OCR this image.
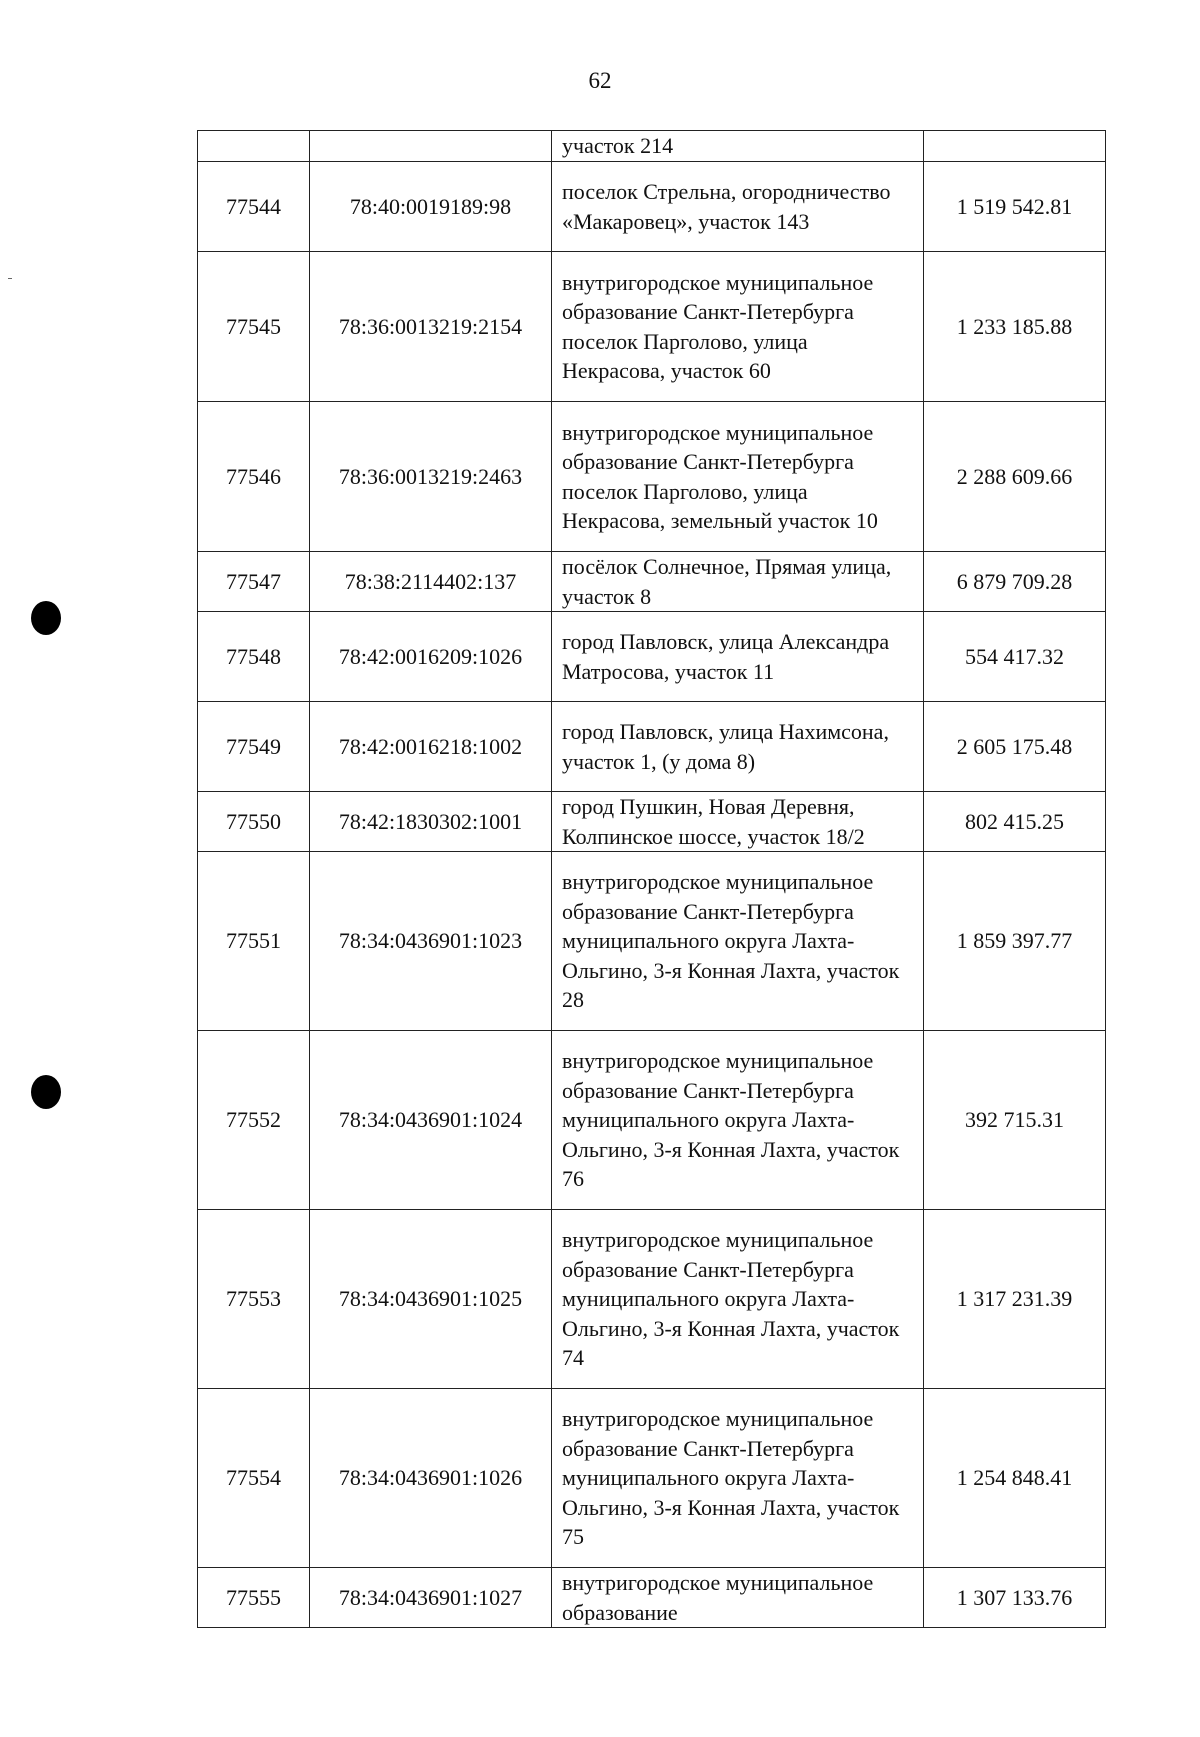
62
		участок 214	
77544	78:40:0019189:98	поселок Стрельна, огородничество «Макаровец», участок 143	1 519 542.81
77545	78:36:0013219:2154	внутригородское муниципальное образование Санкт-Петербурга поселок Парголово, улица Некрасова, участок 60	1 233 185.88
77546	78:36:0013219:2463	внутригородское муниципальное образование Санкт-Петербурга поселок Парголово, улица Некрасова, земельный участок 10	2 288 609.66
77547	78:38:2114402:137	посёлок Солнечное, Прямая улица, участок 8	6 879 709.28
77548	78:42:0016209:1026	город Павловск, улица Александра Матросова, участок 11	554 417.32
77549	78:42:0016218:1002	город Павловск, улица Нахимсона, участок 1, (у дома 8)	2 605 175.48
77550	78:42:1830302:1001	город Пушкин, Новая Деревня, Колпинское шоссе, участок 18/2	802 415.25
77551	78:34:0436901:1023	внутригородское муниципальное образование Санкт-Петербурга муниципального округа Лахта-Ольгино, 3-я Конная Лахта, участок 28	1 859 397.77
77552	78:34:0436901:1024	внутригородское муниципальное образование Санкт-Петербурга муниципального округа Лахта-Ольгино, 3-я Конная Лахта, участок 76	392 715.31
77553	78:34:0436901:1025	внутригородское муниципальное образование Санкт-Петербурга муниципального округа Лахта-Ольгино, 3-я Конная Лахта, участок 74	1 317 231.39
77554	78:34:0436901:1026	внутригородское муниципальное образование Санкт-Петербурга муниципального округа Лахта-Ольгино, 3-я Конная Лахта, участок 75	1 254 848.41
77555	78:34:0436901:1027	внутригородское муниципальное образование	1 307 133.76
